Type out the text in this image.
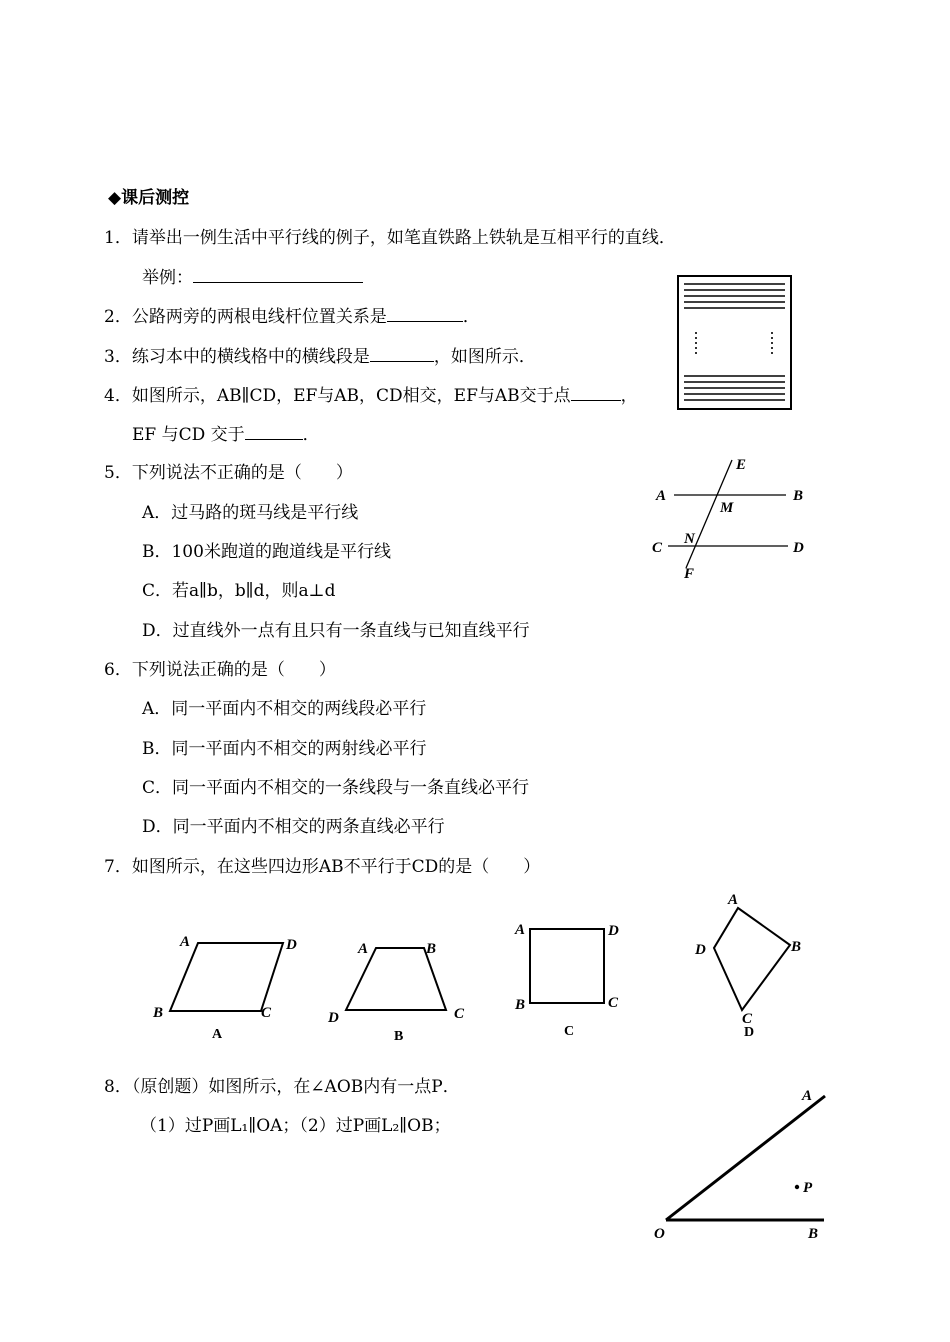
◆课后测控
1．请举出一例生活中平行线的例子，如笔直铁路上铁轨是互相平行的直线．
举例：
2．公路两旁的两根电线杆位置关系是	．
3．练习本中的横线格中的横线段是	，如图所示．
4．如图所示，AB∥CD，EF与AB，CD相交，EF与AB交于点	，
EF 与CD 交于	．
5．下列说法不正确的是（　　）
A．过马路的斑马线是平行线
B．100米跑道的跑道线是平行线
C．若a∥b，b∥d，则a⊥d
D．过直线外一点有且只有一条直线与已知直线平行
6．下列说法正确的是（　　）
A．同一平面内不相交的两线段必平行
B．同一平面内不相交的两射线必平行
C．同一平面内不相交的一条线段与一条直线必平行
D．同一平面内不相交的两条直线必平行
7．如图所示，在这些四边形AB不平行于CD的是（　　）
8．（原创题）如图所示，在∠AOB内有一点P．
（1）过P画L₁∥OA；（2）过P画L₂∥OB；
A	B
C	D
E
F
M
N
A	D
B	C
A
A	B
D	C
B
A	D
B	C
C
A
D	B
C
D
A
P
O	B
